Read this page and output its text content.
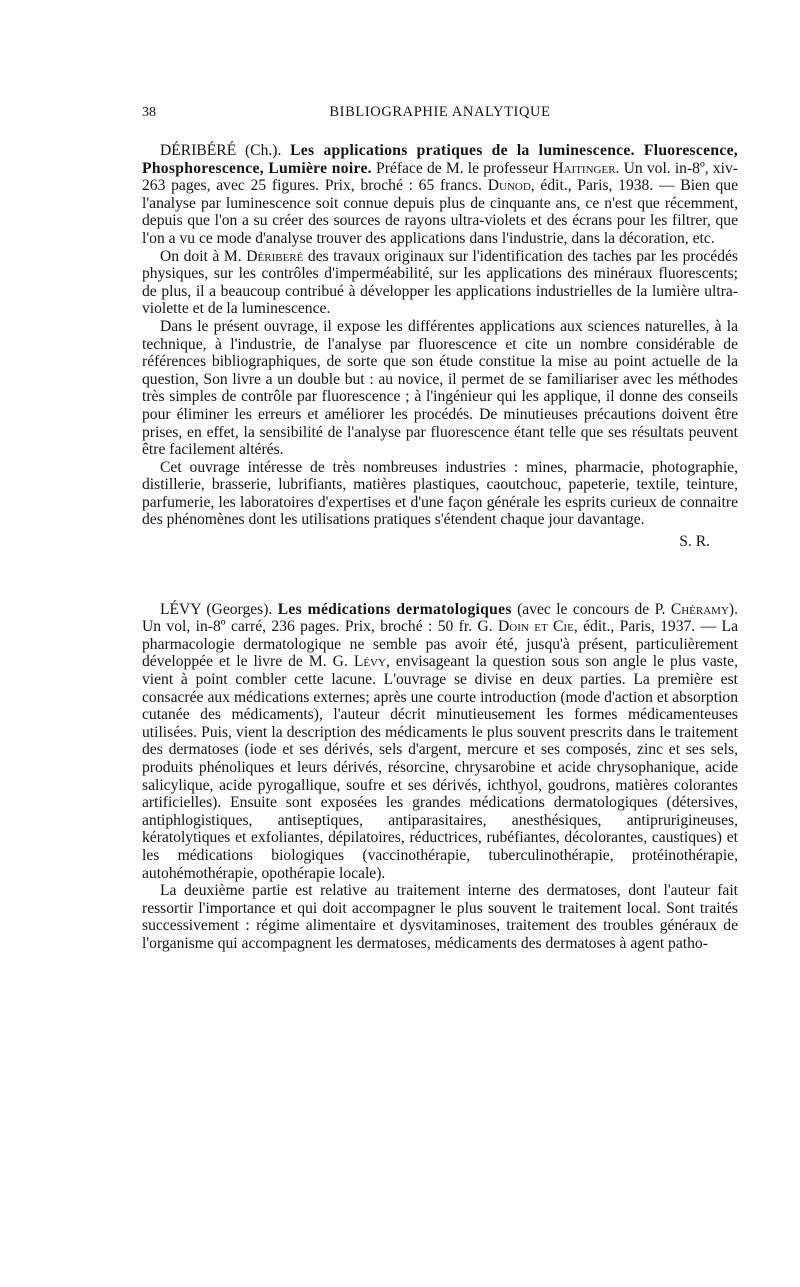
38	BIBLIOGRAPHIE ANALYTIQUE

DÉRIBÉRÉ (Ch.). Les applications pratiques de la luminescence. Fluorescence, Phosphorescence, Lumière noire. Préface de M. le professeur Haitinger. Un vol. in-8º, xiv-263 pages, avec 25 figures. Prix, broché : 65 francs. Dunod, édit., Paris, 1938. — Bien que l'analyse par luminescence soit connue depuis plus de cinquante ans, ce n'est que récemment, depuis que l'on a su créer des sources de rayons ultra-violets et des écrans pour les filtrer, que l'on a vu ce mode d'analyse trouver des applications dans l'industrie, dans la décoration, etc.

On doit à M. Dériberé des travaux originaux sur l'identification des taches par les procédés physiques, sur les contrôles d'imperméabilité, sur les applications des minéraux fluorescents; de plus, il a beaucoup contribué à développer les applications industrielles de la lumière ultra-violette et de la luminescence.

Dans le présent ouvrage, il expose les différentes applications aux sciences naturelles, à la technique, à l'industrie, de l'analyse par fluorescence et cite un nombre considérable de références bibliographiques, de sorte que son étude constitue la mise au point actuelle de la question, Son livre a un double but : au novice, il permet de se familiariser avec les méthodes très simples de contrôle par fluorescence ; à l'ingénieur qui les applique, il donne des conseils pour éliminer les erreurs et améliorer les procédés. De minutieuses précautions doivent être prises, en effet, la sensibilité de l'analyse par fluorescence étant telle que ses résultats peuvent être facilement altérés.

Cet ouvrage intéresse de très nombreuses industries : mines, pharmacie, photographie, distillerie, brasserie, lubrifiants, matières plastiques, caoutchouc, papeterie, textile, teinture, parfumerie, les laboratoires d'expertises et d'une façon générale les esprits curieux de connaitre des phénomènes dont les utilisations pratiques s'étendent chaque jour davantage.

S. R.

LÉVY (Georges). Les médications dermatologiques (avec le concours de P. Chéramy). Un vol, in-8º carré, 236 pages. Prix, broché : 50 fr. G. Doin et Cie, édit., Paris, 1937. — La pharmacologie dermatologique ne semble pas avoir été, jusqu'à présent, particulièrement développée et le livre de M. G. Lévy, envisageant la question sous son angle le plus vaste, vient à point combler cette lacune. L'ouvrage se divise en deux parties. La première est consacrée aux médications externes; après une courte introduction (mode d'action et absorption cutanée des médicaments), l'auteur décrit minutieusement les formes médicamenteuses utilisées. Puis, vient la description des médicaments le plus souvent prescrits dans le traitement des dermatoses (iode et ses dérivés, sels d'argent, mercure et ses composés, zinc et ses sels, produits phénoliques et leurs dérivés, résorcine, chrysarobine et acide chrysophanique, acide salicylique, acide pyrogallique, soufre et ses dérivés, ichthyol, goudrons, matières colorantes artificielles). Ensuite sont exposées les grandes médications dermatologiques (détersives, antiphlogistiques, antiseptiques, antiparasitaires, anesthésiques, antiprurigineuses, kératolytiques et exfoliantes, dépilatoires, réductrices, rubéfiantes, décolorantes, caustiques) et les médications biologiques (vaccinothérapie, tuberculinothérapie, protéinothérapie, autohémothérapie, opothérapie locale).

La deuxième partie est relative au traitement interne des dermatoses, dont l'auteur fait ressortir l'importance et qui doit accompagner le plus souvent le traitement local. Sont traités successivement : régime alimentaire et dysvitaminoses, traitement des troubles généraux de l'organisme qui accompagnent les dermatoses, médicaments des dermatoses à agent patho-
